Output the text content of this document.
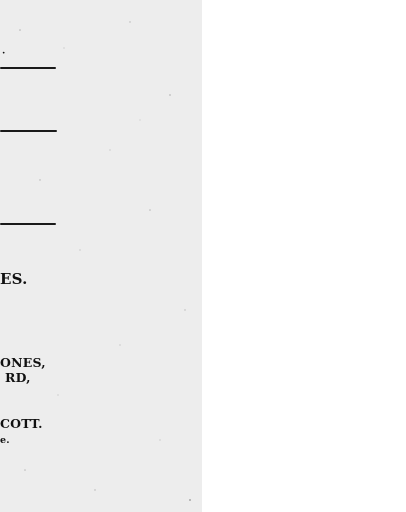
·
ES.
ONES,
RD,
COTT.
e.
